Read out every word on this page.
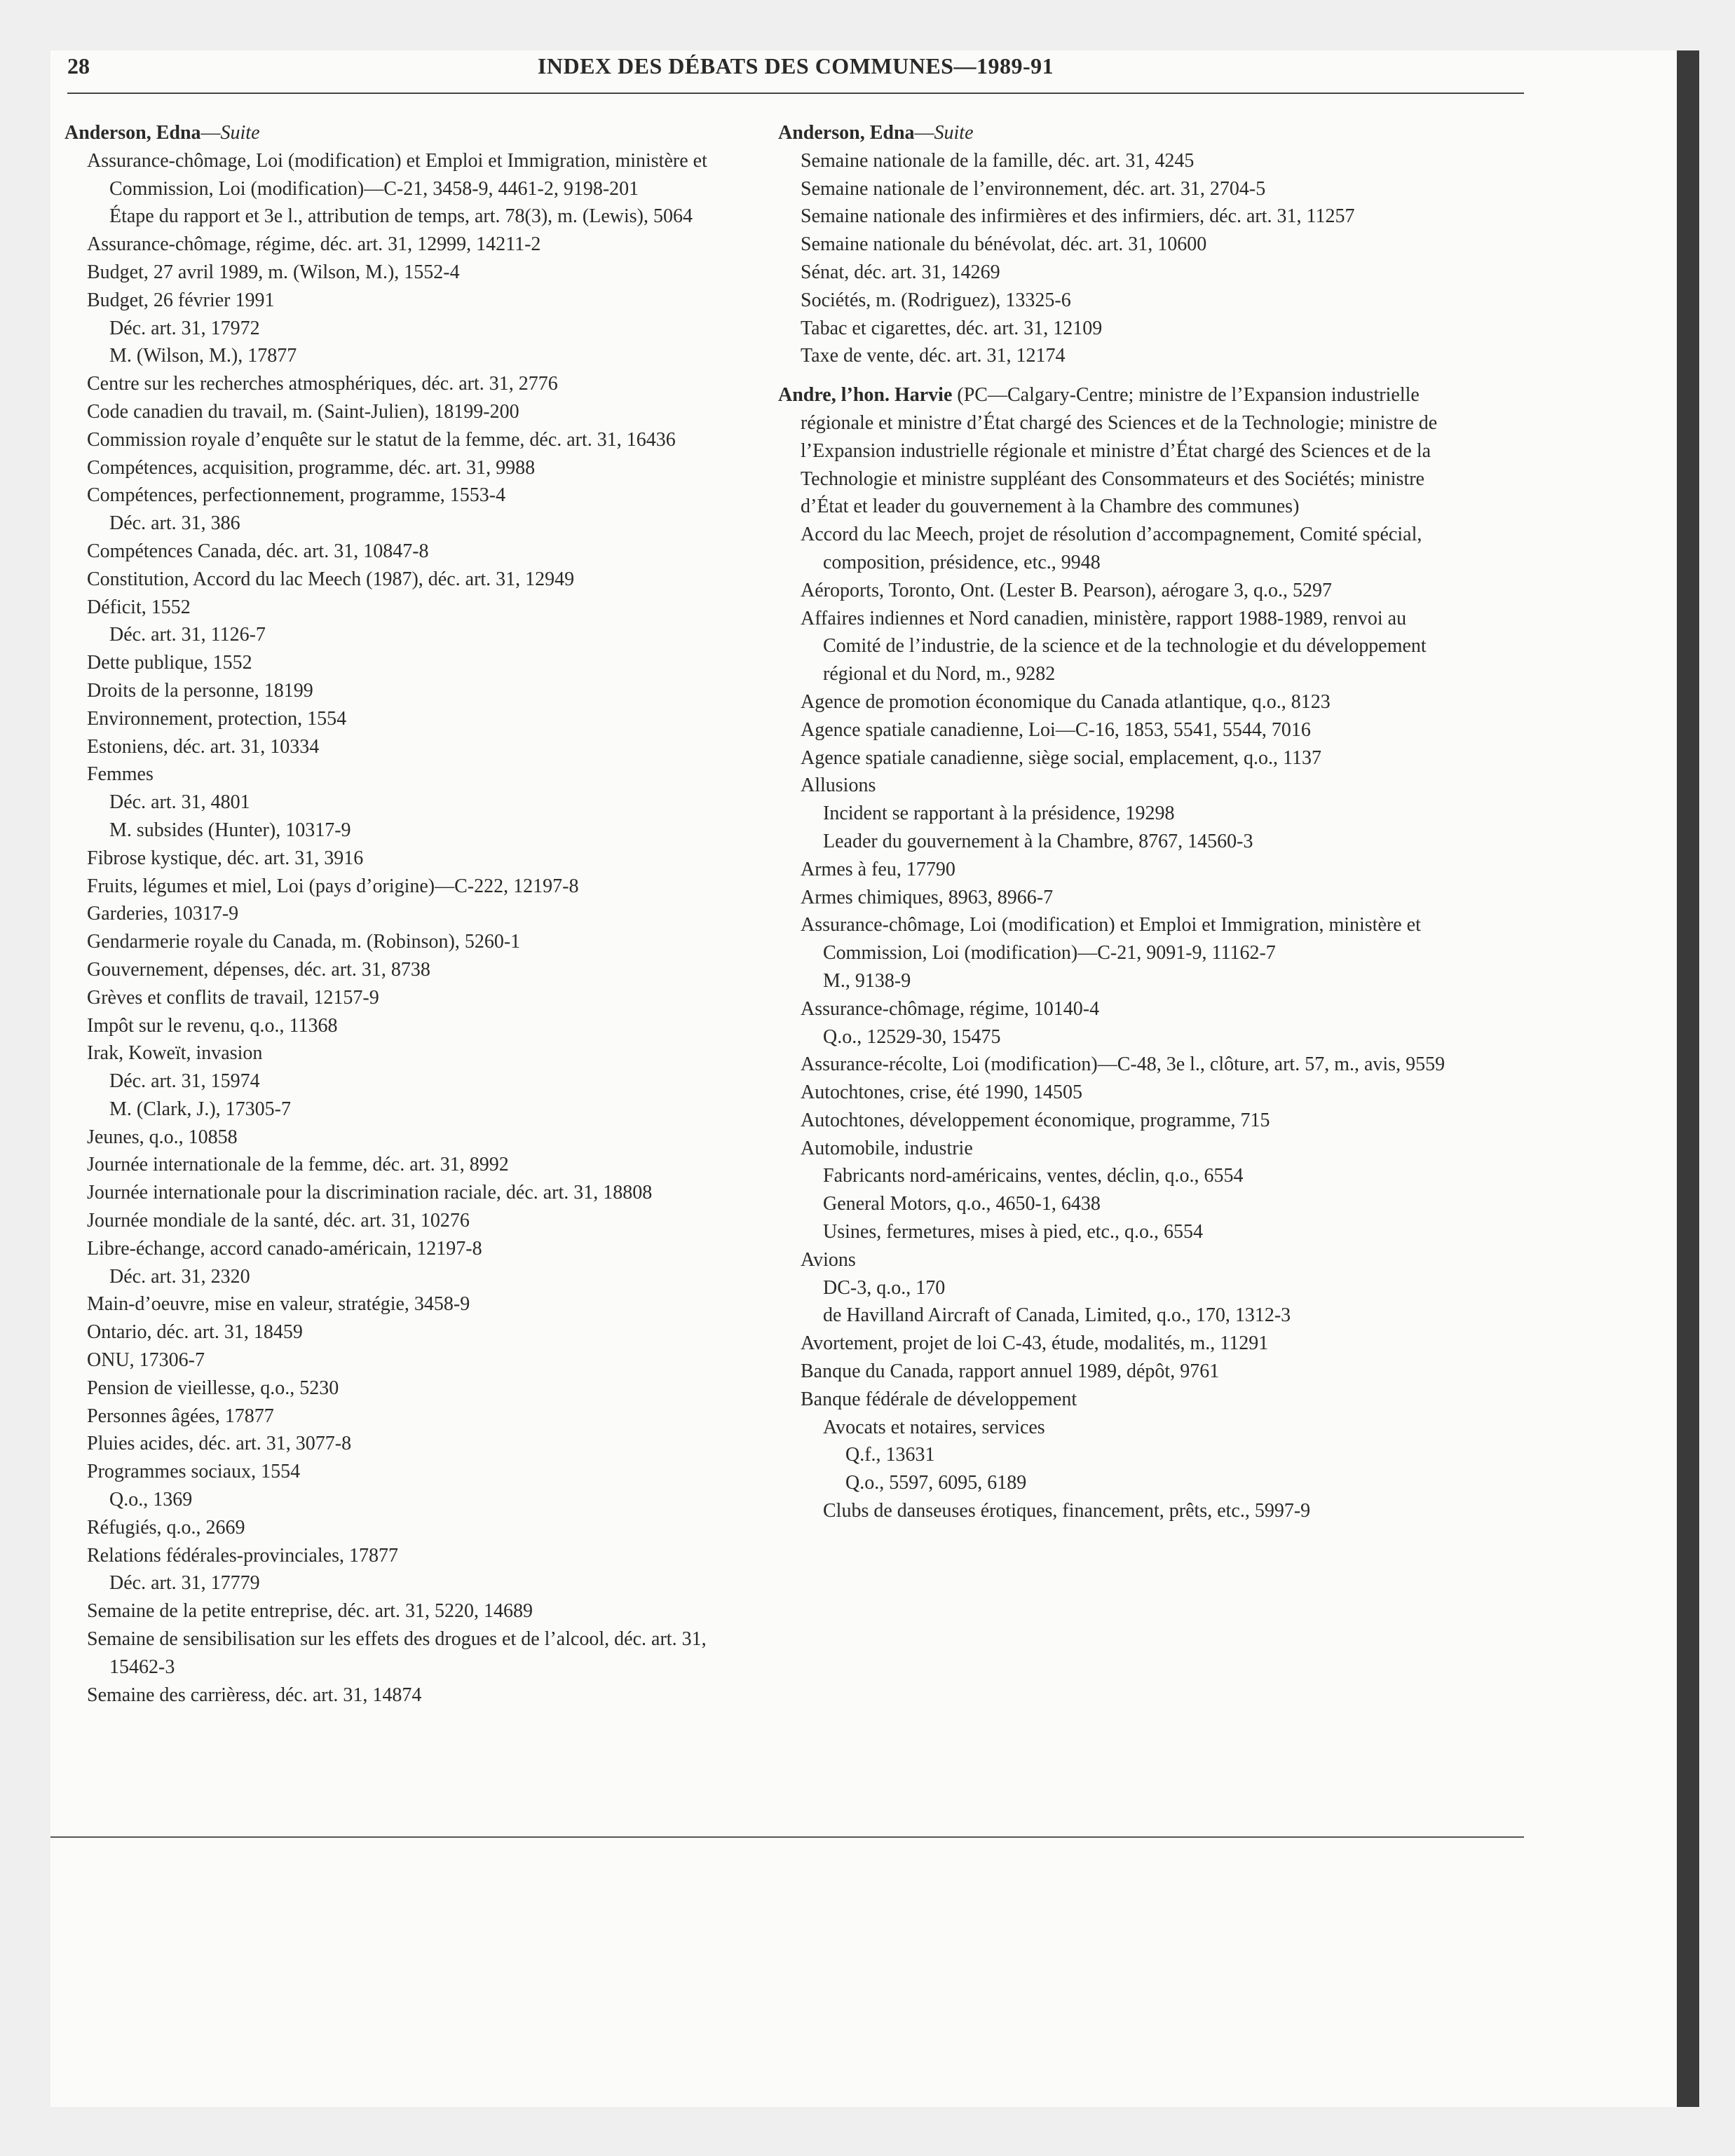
28	INDEX DES DÉBATS DES COMMUNES—1989-91
Anderson, Edna—Suite
Assurance-chômage, Loi (modification) et Emploi et Immigration, ministère et Commission, Loi (modification)—C-21, 3458-9, 4461-2, 9198-201
Étape du rapport et 3e l., attribution de temps, art. 78(3), m. (Lewis), 5064
Assurance-chômage, régime, déc. art. 31, 12999, 14211-2
Budget, 27 avril 1989, m. (Wilson, M.), 1552-4
Budget, 26 février 1991
Déc. art. 31, 17972
M. (Wilson, M.), 17877
Centre sur les recherches atmosphériques, déc. art. 31, 2776
Code canadien du travail, m. (Saint-Julien), 18199-200
Commission royale d’enquête sur le statut de la femme, déc. art. 31, 16436
Compétences, acquisition, programme, déc. art. 31, 9988
Compétences, perfectionnement, programme, 1553-4
Déc. art. 31, 386
Compétences Canada, déc. art. 31, 10847-8
Constitution, Accord du lac Meech (1987), déc. art. 31, 12949
Déficit, 1552
Déc. art. 31, 1126-7
Dette publique, 1552
Droits de la personne, 18199
Environnement, protection, 1554
Estoniens, déc. art. 31, 10334
Femmes
Déc. art. 31, 4801
M. subsides (Hunter), 10317-9
Fibrose kystique, déc. art. 31, 3916
Fruits, légumes et miel, Loi (pays d’origine)—C-222, 12197-8
Garderies, 10317-9
Gendarmerie royale du Canada, m. (Robinson), 5260-1
Gouvernement, dépenses, déc. art. 31, 8738
Grèves et conflits de travail, 12157-9
Impôt sur le revenu, q.o., 11368
Irak, Koweït, invasion
Déc. art. 31, 15974
M. (Clark, J.), 17305-7
Jeunes, q.o., 10858
Journée internationale de la femme, déc. art. 31, 8992
Journée internationale pour la discrimination raciale, déc. art. 31, 18808
Journée mondiale de la santé, déc. art. 31, 10276
Libre-échange, accord canado-américain, 12197-8
Déc. art. 31, 2320
Main-d’oeuvre, mise en valeur, stratégie, 3458-9
Ontario, déc. art. 31, 18459
ONU, 17306-7
Pension de vieillesse, q.o., 5230
Personnes âgées, 17877
Pluies acides, déc. art. 31, 3077-8
Programmes sociaux, 1554
Q.o., 1369
Réfugiés, q.o., 2669
Relations fédérales-provinciales, 17877
Déc. art. 31, 17779
Semaine de la petite entreprise, déc. art. 31, 5220, 14689
Semaine de sensibilisation sur les effets des drogues et de l’alcool, déc. art. 31, 15462-3
Semaine des carrièress, déc. art. 31, 14874
Anderson, Edna—Suite
Semaine nationale de la famille, déc. art. 31, 4245
Semaine nationale de l’environnement, déc. art. 31, 2704-5
Semaine nationale des infirmières et des infirmiers, déc. art. 31, 11257
Semaine nationale du bénévolat, déc. art. 31, 10600
Sénat, déc. art. 31, 14269
Sociétés, m. (Rodriguez), 13325-6
Tabac et cigarettes, déc. art. 31, 12109
Taxe de vente, déc. art. 31, 12174
Andre, l’hon. Harvie (PC—Calgary-Centre; ministre de l’Expansion industrielle régionale et ministre d’État chargé des Sciences et de la Technologie; ministre de l’Expansion industrielle régionale et ministre d’État chargé des Sciences et de la Technologie et ministre suppléant des Consommateurs et des Sociétés; ministre d’État et leader du gouvernement à la Chambre des communes)
Accord du lac Meech, projet de résolution d’accompagnement, Comité spécial, composition, présidence, etc., 9948
Aéroports, Toronto, Ont. (Lester B. Pearson), aérogare 3, q.o., 5297
Affaires indiennes et Nord canadien, ministère, rapport 1988-1989, renvoi au Comité de l’industrie, de la science et de la technologie et du développement régional et du Nord, m., 9282
Agence de promotion économique du Canada atlantique, q.o., 8123
Agence spatiale canadienne, Loi—C-16, 1853, 5541, 5544, 7016
Agence spatiale canadienne, siège social, emplacement, q.o., 1137
Allusions
Incident se rapportant à la présidence, 19298
Leader du gouvernement à la Chambre, 8767, 14560-3
Armes à feu, 17790
Armes chimiques, 8963, 8966-7
Assurance-chômage, Loi (modification) et Emploi et Immigration, ministère et Commission, Loi (modification)—C-21, 9091-9, 11162-7
M., 9138-9
Assurance-chômage, régime, 10140-4
Q.o., 12529-30, 15475
Assurance-récolte, Loi (modification)—C-48, 3e l., clôture, art. 57, m., avis, 9559
Autochtones, crise, été 1990, 14505
Autochtones, développement économique, programme, 715
Automobile, industrie
Fabricants nord-américains, ventes, déclin, q.o., 6554
General Motors, q.o., 4650-1, 6438
Usines, fermetures, mises à pied, etc., q.o., 6554
Avions
DC-3, q.o., 170
de Havilland Aircraft of Canada, Limited, q.o., 170, 1312-3
Avortement, projet de loi C-43, étude, modalités, m., 11291
Banque du Canada, rapport annuel 1989, dépôt, 9761
Banque fédérale de développement
Avocats et notaires, services
Q.f., 13631
Q.o., 5597, 6095, 6189
Clubs de danseuses érotiques, financement, prêts, etc., 5997-9
